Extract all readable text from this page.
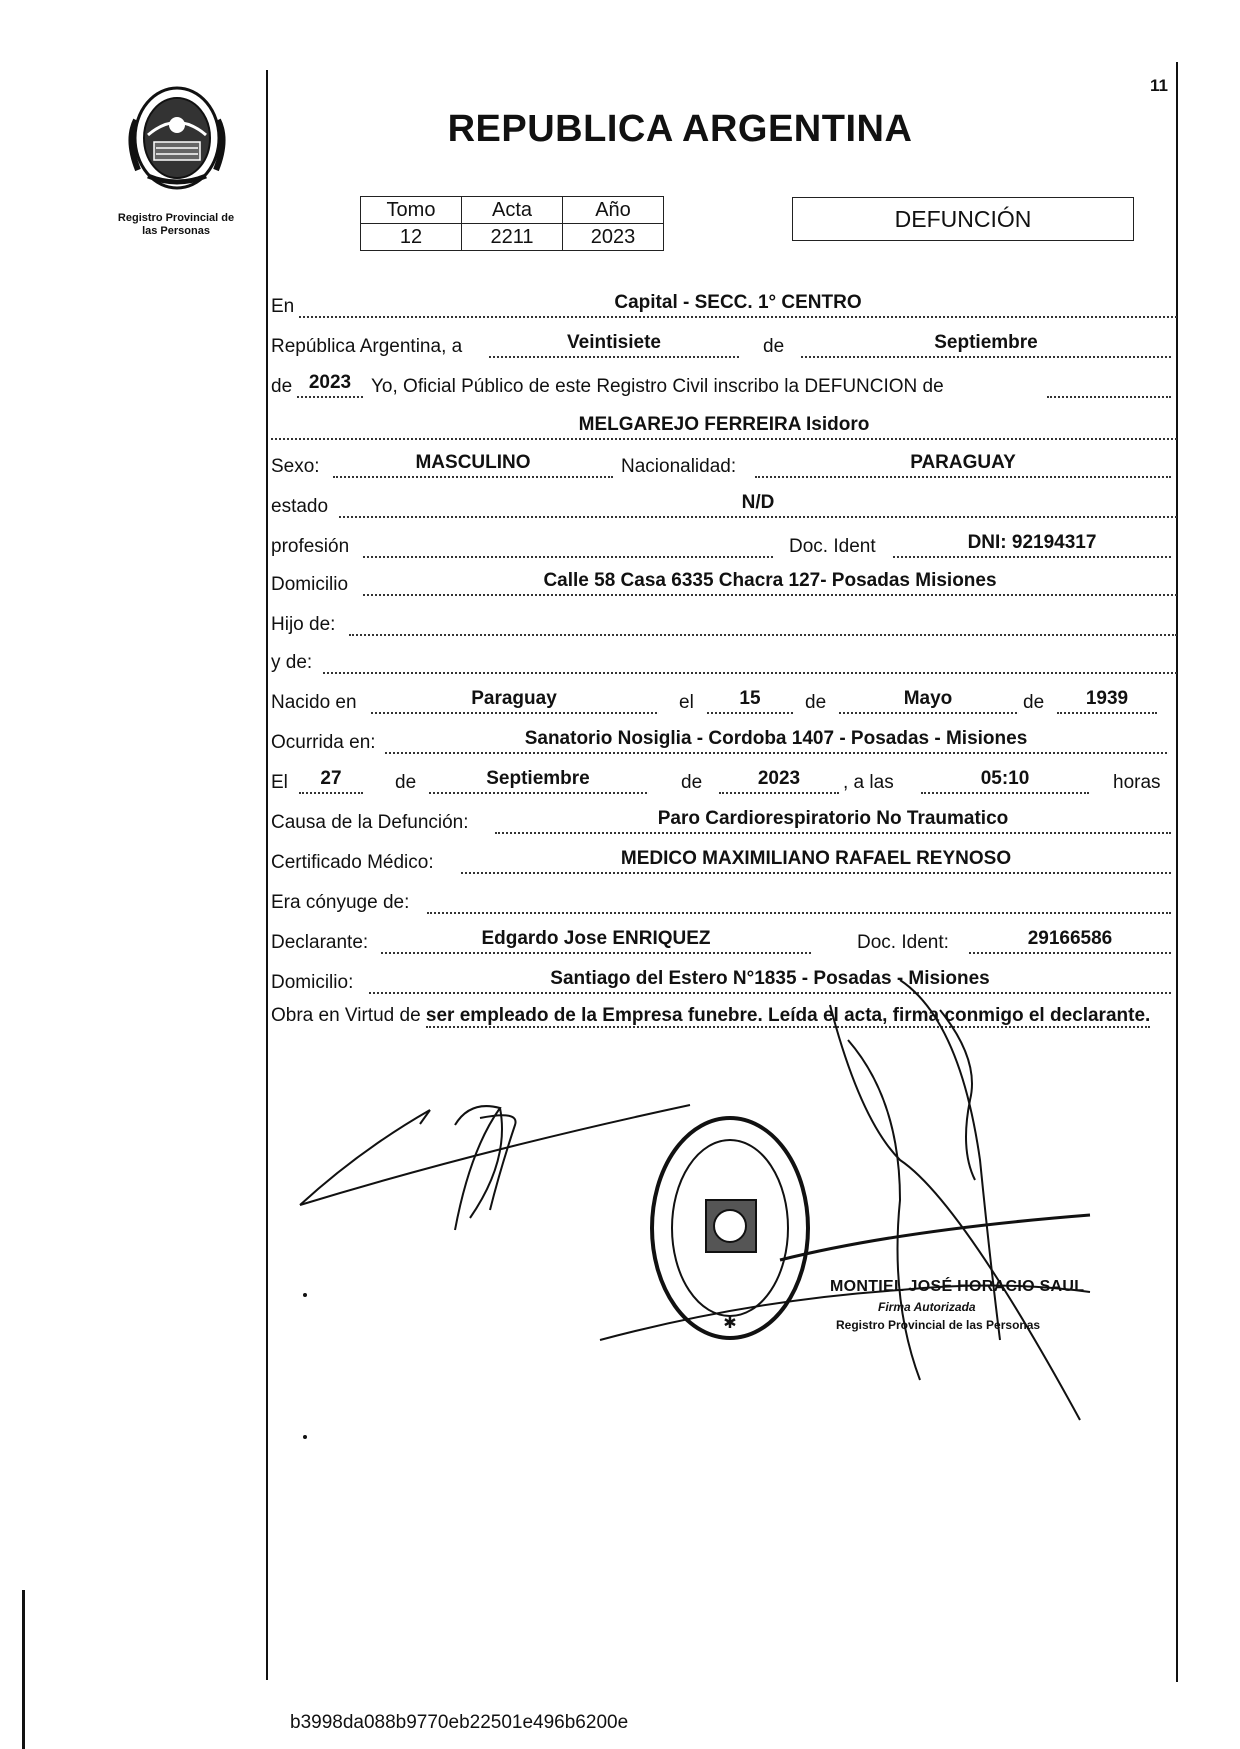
Registro Provincial de
las Personas
11
REPUBLICA ARGENTINA
Tomo	Acta	Año
12	2211	2023
DEFUNCIÓN
En	Capital - SECC. 1° CENTRO
República Argentina, a	Veintisiete	de	Septiembre
de 2023	Yo, Oficial Público de este Registro Civil inscribo la DEFUNCION de
MELGAREJO FERREIRA Isidoro
Sexo:	MASCULINO	Nacionalidad:	PARAGUAY
estado	N/D
profesión	Doc. Ident	DNI: 92194317
Domicilio	Calle 58 Casa 6335 Chacra 127- Posadas Misiones
Hijo de:
y de:
Nacido en	Paraguay	el	15	de	Mayo	de	1939
Ocurrida en:	Sanatorio Nosiglia - Cordoba 1407 - Posadas - Misiones
El	27	de	Septiembre	de	2023	, a las	05:10	horas
Causa de la Defunción:	Paro Cardiorespiratorio No Traumatico
Certificado Médico:	MEDICO MAXIMILIANO RAFAEL REYNOSO
Era cónyuge de:
Declarante:	Edgardo Jose ENRIQUEZ	Doc. Ident:	29166586
Domicilio:	Santiago del Estero N°1835 - Posadas - Misiones
Obra en Virtud de ser empleado de la Empresa funebre. Leída el acta, firma conmigo el declarante.
✱
MONTIEL JOSÉ HORACIO SAUL
Firma Autorizada
Registro Provincial de las Personas
b3998da088b9770eb22501e496b6200e
